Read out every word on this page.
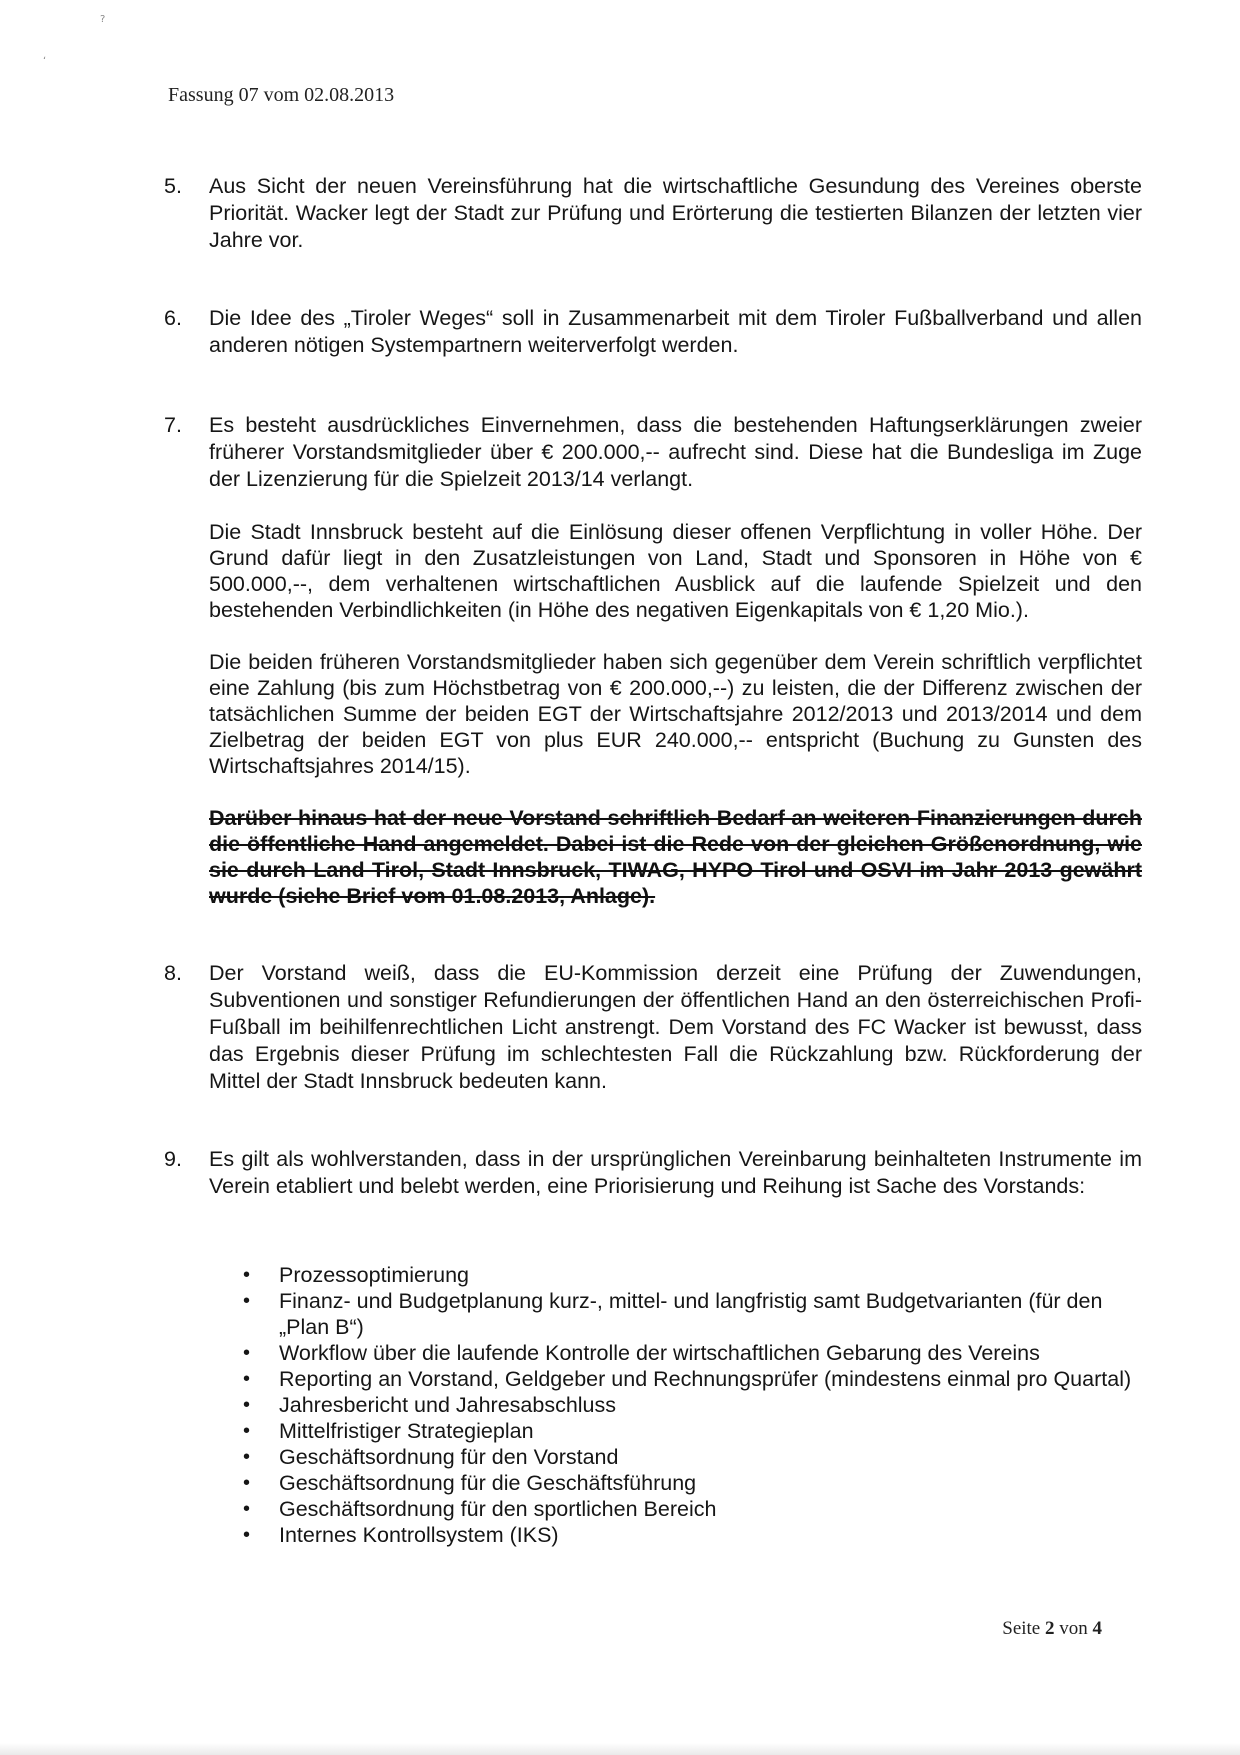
?
ʻ
Fassung 07 vom 02.08.2013
5. Aus Sicht der neuen Vereinsführung hat die wirtschaftliche Gesundung des Vereines oberste Priorität. Wacker legt der Stadt zur Prüfung und Erörterung die testierten Bilanzen der letzten vier Jahre vor.
6. Die Idee des „Tiroler Weges“ soll in Zusammenarbeit mit dem Tiroler Fußballverband und allen anderen nötigen Systempartnern weiterverfolgt werden.
7. Es besteht ausdrückliches Einvernehmen, dass die bestehenden Haftungserklärungen zweier früherer Vorstandsmitglieder über € 200.000,-- aufrecht sind. Diese hat die Bundesliga im Zuge der Lizenzierung für die Spielzeit 2013/14 verlangt.
Die Stadt Innsbruck besteht auf die Einlösung dieser offenen Verpflichtung in voller Höhe. Der Grund dafür liegt in den Zusatzleistungen von Land, Stadt und Sponsoren in Höhe von € 500.000,--, dem verhaltenen wirtschaftlichen Ausblick auf die laufende Spielzeit und den bestehenden Verbindlichkeiten (in Höhe des negativen Eigenkapitals von € 1,20 Mio.).
Die beiden früheren Vorstandsmitglieder haben sich gegenüber dem Verein schriftlich verpflichtet eine Zahlung (bis zum Höchstbetrag von € 200.000,--) zu leisten, die der Differenz zwischen der tatsächlichen Summe der beiden EGT der Wirtschaftsjahre 2012/2013 und 2013/2014 und dem Zielbetrag der beiden EGT von plus EUR 240.000,-- entspricht (Buchung zu Gunsten des Wirtschaftsjahres 2014/15).
Darüber hinaus hat der neue Vorstand schriftlich Bedarf an weiteren Finanzierungen durch die öffentliche Hand angemeldet. Dabei ist die Rede von der gleichen Größenordnung, wie sie durch Land Tirol, Stadt Innsbruck, TIWAG, HYPO Tirol und OSVI im Jahr 2013 gewährt wurde (siehe Brief vom 01.08.2013, Anlage).
8. Der Vorstand weiß, dass die EU-Kommission derzeit eine Prüfung der Zuwendungen, Subventionen und sonstiger Refundierungen der öffentlichen Hand an den österreichischen Profi-Fußball im beihilfenrechtlichen Licht anstrengt. Dem Vorstand des FC Wacker ist bewusst, dass das Ergebnis dieser Prüfung im schlechtesten Fall die Rückzahlung bzw. Rückforderung der Mittel der Stadt Innsbruck bedeuten kann.
9. Es gilt als wohlverstanden, dass in der ursprünglichen Vereinbarung beinhalteten Instrumente im Verein etabliert und belebt werden, eine Priorisierung und Reihung ist Sache des Vorstands:
• Prozessoptimierung
• Finanz- und Budgetplanung kurz-, mittel- und langfristig samt Budgetvarianten (für den „Plan B“)
• Workflow über die laufende Kontrolle der wirtschaftlichen Gebarung des Vereins
• Reporting an Vorstand, Geldgeber und Rechnungsprüfer (mindestens einmal pro Quartal)
• Jahresbericht und Jahresabschluss
• Mittelfristiger Strategieplan
• Geschäftsordnung für den Vorstand
• Geschäftsordnung für die Geschäftsführung
• Geschäftsordnung für den sportlichen Bereich
• Internes Kontrollsystem (IKS)
Seite 2 von 4
